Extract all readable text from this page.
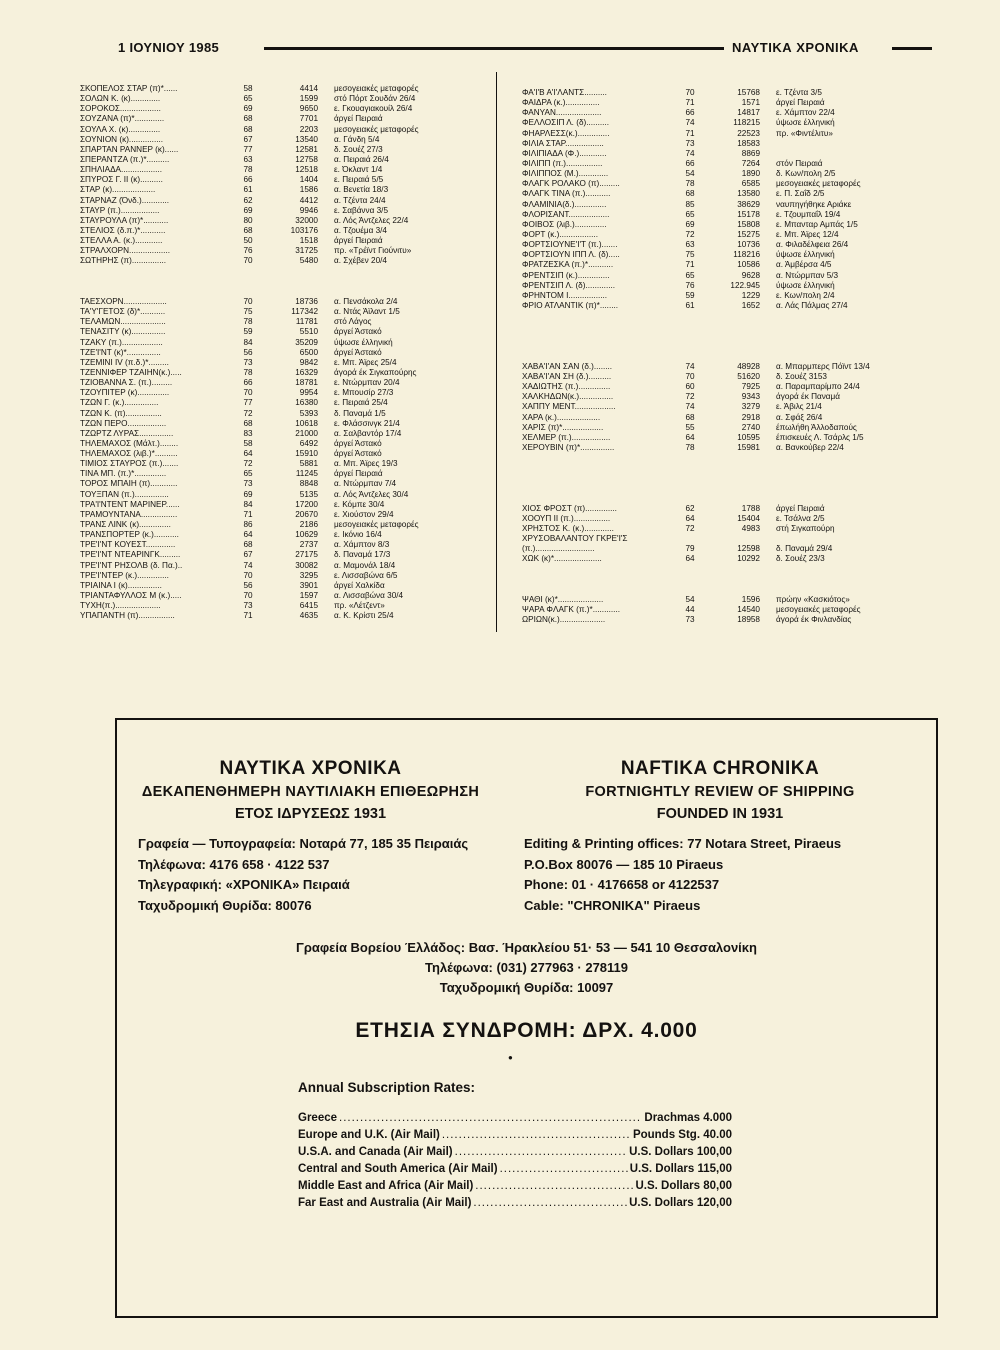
1 ΙΟΥΝΙΟΥ 1985	ΝΑΥΤΙΚΑ ΧΡΟΝΙΚΑ
ΣΚΟΠΕΛΟΣ ΣΤΑΡ (π)*......	58	4414	μεσογειακές μεταφορές
ΣΟΛΩΝ Κ. (κ).............	65	1599	στό Πόρτ Σουδάν 26/4
ΣΟΡΟΚΟΣ..................	69	9650	ε. Γκουαγιακουίλ 26/4
ΣΟΥΖΑΝΑ (π)*.............	68	7701	άργεί Πειραιά
ΣΟΥΛΑ Χ. (κ)..............	68	2203	μεσογειακές μεταφορές
ΣΟΥΝΙΟΝ (κ)...............	67	13540	α. Γάνδη 5/4
ΣΠΑΡΤΑΝ ΡΑΝΝΕΡ (κ)......	77	12581	δ. Σουέζ 27/3
ΣΠΕΡΑΝΤΖΑ (π.)*..........	63	12758	α. Πειραιά 26/4
ΣΠΗΛΙΑΔΑ..................	78	12518	ε. Όκλαντ 1/4
ΣΠΥΡΟΣ Γ. II (κ)..........	66	1404	ε. Πειραιά 5/5
ΣΤΑΡ (κ)...................	61	1586	α. Βενετία 18/3
ΣΤΑΡΝΑΖ (Όνδ.)............	62	4412	α. Τζέντα 24/4
ΣΤΑΥΡ (π.).................	69	9946	ε. Σαβάννα 3/5
ΣΤΑΥΡΟΥΛΑ (π)*...........	80	32000	α. Λός Άντζελες 22/4
ΣΤΕΛΙΟΣ (δ.π.)*...........	68	103176	α. Τζουέμα 3/4
ΣΤΕΛΛΑ Α. (κ.)............	50	1518	άργεί Πειραιά
ΣΤΡΑΛΧΟΡΝ..................	76	31725	πρ. «Τρέϊντ Γιούνιτυ»
ΣΩΤΗΡΗΣ (π)...............	70	5480	α. Σχέβεν 20/4
ΤΑΕΣΧΟΡΝ...................	70	18736	α. Πενσάκολα 2/4
ΤΑ'Υ'ΓΕΤΟΣ (δ)*...........	75	117342	α. Ντάς Άϊλαντ 1/5
ΤΕΛΑΜΩΝ....................	78	11781	στό Λάγος
ΤΕΝΑΣΙΤΥ (κ)...............	59	5510	άργεί Άστακό
ΤΖΑΚΥ (π.)..................	84	35209	ύψωσε έλληνική
ΤΖΕ'Ι'ΝΤ (κ)*...............	56	6500	άργεί Άστακό
ΤΖΕΜΙΝΙ IV (π.δ.)*.........	73	9842	ε. Μπ. Άϊρες 25/4
ΤΖΕΝΝΙΦΕΡ ΤΖΑΙΗΝ(κ.).....	78	16329	άγορά έκ Σιγκαπούρης
ΤΖΙΟΒΑΝΝΑ Σ. (π.).........	66	18781	ε. Ντώρμπαν 20/4
ΤΖΟΥΠΙΤΕΡ (κ)..............	70	9954	ε. Μπουσίρ 27/3
ΤΖΩΝ Γ. (κ.)...............	77	16380	ε. Πειραιά 25/4
ΤΖΩΝ Κ. (π)................	72	5393	δ. Παναμά 1/5
ΤΖΩΝ ΠΕΡΟ.................	68	10618	ε. Φλάσσινγκ 21/4
ΤΖΩΡΤΖ ΛΥΡΑΣ...............	83	21000	α. Σαλβαντόρ 17/4
ΤΗΛΕΜΑΧΟΣ (Μάλτ.)........	58	6492	άργεί Άστακό
ΤΗΛΕΜΑΧΟΣ (λιβ.)*..........	64	15910	άργεί Άστακό
ΤΙΜΙΟΣ ΣΤΑΥΡΟΣ (π.).......	72	5881	α. Μπ. Άϊρες 19/3
ΤΙΝΑ ΜΠ. (π.)*..............	65	11245	άργεί Πειραιά
ΤΟΡΟΣ ΜΠΑΙΗ (π)............	73	8848	α. Ντώρμπαν 7/4
ΤΟΥΞΠΑΝ (π.)...............	69	5135	α. Λός Άντζελες 30/4
ΤΡΑ'Ι'ΝΤΕΝΤ ΜΑΡΙΝΕΡ......	84	17200	ε. Κόμπε 30/4
ΤΡΑΜΟΥΝΤΑΝΑ................	71	20670	ε. Χιούστον 29/4
ΤΡΑΝΣ ΛΙΝΚ (κ)..............	86	2186	μεσογειακές μεταφορές
ΤΡΑΝΣΠΟΡΤΕΡ (κ.)...........	64	10629	ε. Ικόνιο 16/4
ΤΡΕ'Ι'ΝΤ ΚΟΥΕΣΤ.............	68	2737	α. Χάμπτον 8/3
ΤΡΕ'Ι'ΝΤ ΝΤΕΑΡΙΝΓΚ.........	67	27175	δ. Παναμά 17/3
ΤΡΕ'Ι'ΝΤ ΡΗΣΟΛΒ (δ. Πα.)..	74	30082	α. Μαμονάλ 18/4
ΤΡΕ'Ι'ΝΤΕΡ (κ.)..............	70	3295	ε. Λισσαβώνα 6/5
ΤΡΙΑΙΝΑ Ι (κ)...............	56	3901	άργεί Χαλκίδα
ΤΡΙΑΝΤΑΦΥΛΛΟΣ Μ (κ.).....	70	1597	α. Λισσαβώνα 30/4
ΤΥΧΗ(π.)....................	73	6415	πρ. «Λέτζεντ»
ΥΠΑΠΑΝΤΗ (π)................	71	4635	α. Κ. Κρίστι 25/4
ΦΑ'Ι'Β Α'Ι'ΛΑΝΤΣ..........	70	15768	ε. Τζέντα 3/5
ΦΑΙΔΡΑ (κ.)...............	71	1571	άργεί Πειραιά
ΦΑΝΥΑΝ....................	66	14817	ε. Χάμπτον 22/4
ΦΕΛΛΟΣΙΠ Λ. (δ)..........	74	118215	ύψωσε έλληνική
ΦΗΑΡΛΕΣΣ(κ.)..............	71	22523	πρ. «Φιντέλιτυ»
ΦΙΛΙΑ ΣΤΑΡ.................	73	18583
ΦΙΛΙΠΙΑΔΑ (Φ.)............	74	8869
ΦΙΛΙΠΠ (π.)................	66	7264	στόν Πειραιά
ΦΙΛΙΠΠΟΣ (Μ.).............	54	1890	δ. Κων/πολη 2/5
ΦΛΑΓΚ ΡΟΛΑΚΟ (π).........	78	6585	μεσογειακές μεταφορές
ΦΛΑΓΚ ΤΙΝΑ (π.)...........	68	13580	ε. Π. Σαΐδ 2/5
ΦΛΑΜΙΝΙΑ(δ.)..............	85	38629	ναυπηγήθηκε Αριάκε
ΦΛΟΡΙΣΑΝΤ..................	65	15178	ε. Τζουμπαΐλ 19/4
ΦΟΙΒΟΣ (λιβ.)..............	69	15808	ε. Μπανταρ Αμπάς 1/5
ΦΟΡΤ (κ.).................	72	15275	ε. Μπ. Άϊρες 12/4
ΦΟΡΤΣΙΟΥΝΕ'Ι'Τ (π.).......	63	10736	α. Φιλαδέλφεια 26/4
ΦΟΡΤΣΙΟΥΝ ΙΠΠ Λ. (δ).....	75	118216	ύψωσε έλληνική
ΦΡΑΤΖΕΣΚΑ (π.)*...........	71	10586	α. Άμβέρσα 4/5
ΦΡΕΝΤΣΙΠ (κ.)..............	65	9628	α. Ντώρμπαν 5/3
ΦΡΕΝΤΣΙΠ Λ. (δ).............	76	122.945	ύψωσε έλληνική
ΦΡΗΝΤΟΜ Ι.................	59	1229	ε. Κων/πολη 2/4
ΦΡΙΟ ΑΤΛΑΝΤΙΚ (π)*........	61	1652	α. Λάς Πάλμας 27/4
ΧΑΒΑ'Ι'ΑΝ ΣΑΝ (δ.)........	74	48928	α. Μπαρμπερς Πόϊντ 13/4
ΧΑΒΑ'Ι'ΑΝ ΣΗ (δ.)..........	70	51620	δ. Σουέζ 3153
ΧΑΔΙΩΤΗΣ (π.)..............	60	7925	α. Παραμπαρίμπο 24/4
ΧΑΛΚΗΔΩΝ(κ.)...............	72	9343	άγορά έκ Παναμά
ΧΑΠΠΥ ΜΕΝΤ..................	74	3279	ε. Άβιλς 21/4
ΧΑΡΑ (κ.)...................	68	2918	α. Σφάξ 26/4
ΧΑΡΙΣ (π)*..................	55	2740	έπωλήθη Άλλοδαπούς
ΧΕΛΜΕΡ (π.).................	64	10595	έπισκευές Λ. Τσάρλς 1/5
ΧΕΡΟΥΒΙΝ (π)*...............	78	15981	α. Βανκούβερ 22/4
ΧΙΟΣ ΦΡΟΣΤ (π)..............	62	1788	άργεί Πειραιά
ΧΟΟΥΠ ΙΙ (π.)................	64	15404	ε. Τσάλνα 2/5
ΧΡΗΣΤΟΣ Κ. (κ.).............	72	4983	στή Σιγκαπούρη
ΧΡΥΣΟΒΑΛΑΝΤΟΥ ΓΚΡΕ'Ι'Σ
(π.)..........................	79	12598	δ. Παναμά 29/4
ΧΩΚ (κ)*.....................	64	10292	δ. Σουέζ 23/3
ΨΑΘΙ (κ)*....................	54	1596	πρώην «Κασκιότος»
ΨΑΡΑ ΦΛΑΓΚ (π.)*............	44	14540	μεσογειακές μεταφορές
ΩΡΙΩΝ(κ.)....................	73	18958	άγορά έκ Φινλανδίας
ΝΑΥΤΙΚΑ ΧΡΟΝΙΚΑ
ΔΕΚΑΠΕΝΘΗΜΕΡΗ ΝΑΥΤΙΛΙΑΚΗ ΕΠΙΘΕΩΡΗΣΗ
ΕΤΟΣ ΙΔΡΥΣΕΩΣ 1931
NAFTIKA CHRONIKA
FORTNIGHTLY REVIEW OF SHIPPING
FOUNDED IN 1931
Γραφεία — Τυπογραφεία: Νοταρά 77, 185 35 Πειραιάς
Τηλέφωνα: 4176 658 · 4122 537
Τηλεγραφική: «ΧΡΟΝΙΚΑ» Πειραιά
Ταχυδρομική Θυρίδα: 80076
Editing & Printing offices: 77 Notara Street, Piraeus
P.O.Box 80076 — 185 10 Piraeus
Phone: 01 · 4176658 or 4122537
Cable: "CHRONIKA" Piraeus
Γραφεία Βορείου Έλλάδος: Βασ. Ήρακλείου 51· 53 — 541 10 Θεσσαλονίκη
Τηλέφωνα: (031) 277963 · 278119
Ταχυδρομική Θυρίδα: 10097
ΕΤΗΣΙΑ ΣΥΝΔΡΟΜΗ: ΔΡΧ. 4.000
●
Annual Subscription Rates:
Greece .....	Drachmas 4.000
Europe and U.K. (Air Mail) .....	Pounds Stg. 40.00
U.S.A. and Canada (Air Mail) .....	U.S. Dollars 100,00
Central and South America (Air Mail) .....	U.S. Dollars 115,00
Middle East and Africa (Air Mail) .....	U.S. Dollars 80,00
Far East and Australia (Air Mail) .....	U.S. Dollars 120,00
